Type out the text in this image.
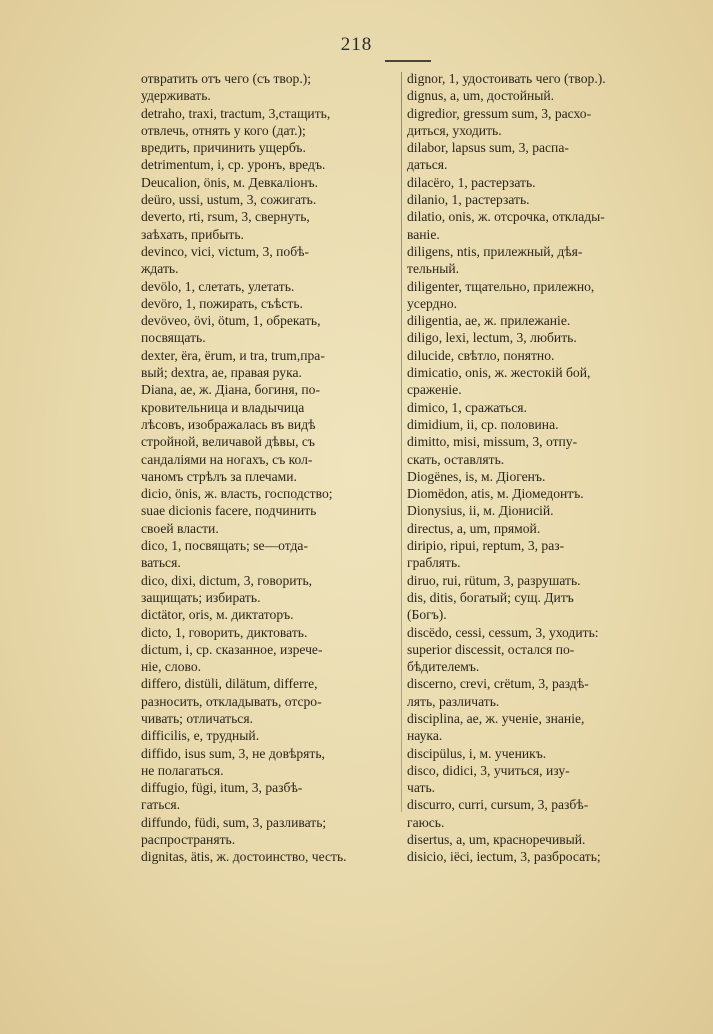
218
отвратить отъ чего (съ твор.);
удерживать.
detraho, traxi, tractum, 3,стащить,
отвлечь, отнять у кого (дат.);
вредить, причинить ущербъ.
detrimentum, i, ср. уронъ, вредъ.
Deucalion, önis, м. Девкаліонъ.
deüro, ussi, ustum, 3, сожигать.
deverto, rti, rsum, 3, свернуть,
заѣхать, прибыть.
devinco, vici, victum, 3, побѣ-
ждать.
devölo, 1, слетать, улетать.
devöro, 1, пожирать, съѣсть.
devöveo, övi, ötum, 1, обрекать,
посвящать.
dexter, ëra, ërum, и tra, trum,пра-
вый; dextra, ae, правая рука.
Diana, ae, ж. Діана, богиня, по-
кровительница и владычица
лѣсовъ, изображалась въ видѣ
стройной, величавой дѣвы, съ
сандаліями на ногахъ, съ кол-
чаномъ стрѣлъ за плечами.
dicio, önis, ж. власть, господство;
suae dicionis facere, подчинить
своей власти.
dico, 1, посвящать; se—отда-
ваться.
dico, dixi, dictum, 3, говорить,
защищать; избирать.
dictätor, oris, м. диктаторъ.
dicto, 1, говорить, диктовать.
dictum, i, ср. сказанное, изрече-
ніе, слово.
differo, distüli, dilätum, differre,
разносить, откладывать, отсро-
чивать; отличаться.
difficilis, e, трудный.
diffido, isus sum, 3, не довѣрять,
не полагаться.
diffugio, fügi, itum, 3, разбѣ-
гаться.
diffundo, füdi, sum, 3, разливать;
распространять.
dignitas, ätis, ж. достоинство, честь.
dignor, 1, удостоивать чего (твор.).
dignus, a, um, достойный.
digredior, gressum sum, 3, расхо-
диться, уходить.
dilabor, lapsus sum, 3, распа-
даться.
dilacëro, 1, растерзать.
dilanio, 1, растерзать.
dilatio, onis, ж. отсрочка, отклады-
ваніе.
diligens, ntis, прилежный, дѣя-
тельный.
diligenter, тщательно, прилежно,
усердно.
diligentia, ae, ж. прилежаніе.
diligo, lexi, lectum, 3, любить.
dilucide, свѣтло, понятно.
dimicatio, onis, ж. жестокій бой,
сраженіе.
dimico, 1, сражаться.
dimidium, ii, ср. половина.
dimitto, misi, missum, 3, отпу-
скать, оставлять.
Diogënes, is, м. Діогенъ.
Diomëdon, atis, м. Діомедонтъ.
Dionysius, ii, м. Діонисій.
directus, a, um, прямой.
diripio, ripui, reptum, 3, раз-
граблять.
diruo, rui, rütum, 3, разрушать.
dis, ditis, богатый; сущ. Дитъ
(Богъ).
discëdo, cessi, cessum, 3, уходить:
superior discessit, остался по-
бѣдителемъ.
discerno, crevi, crëtum, 3, раздѣ-
лять, различать.
disciplina, ae, ж. ученіе, знаніе,
наука.
discipülus, i, м. ученикъ.
disco, didici, 3, учиться, изу-
чать.
discurro, curri, cursum, 3, разбѣ-
гаюсь.
disertus, a, um, красноречивый.
disicio, iëci, iectum, 3, разбросать;
